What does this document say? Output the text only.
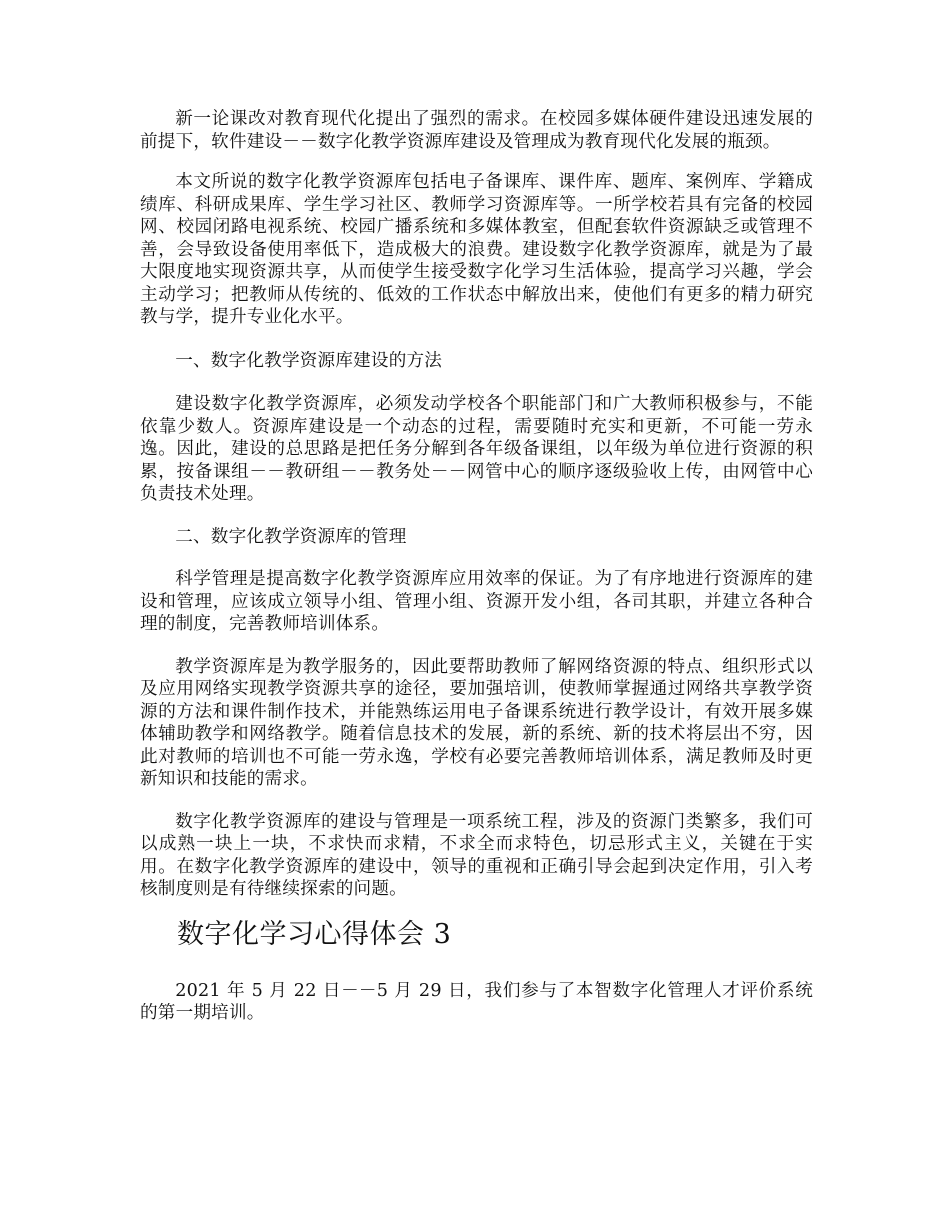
新一论课改对教育现代化提出了强烈的需求。在校园多媒体硬件建设迅速发展的前提下，软件建设－－数字化教学资源库建设及管理成为教育现代化发展的瓶颈。

本文所说的数字化教学资源库包括电子备课库、课件库、题库、案例库、学籍成绩库、科研成果库、学生学习社区、教师学习资源库等。一所学校若具有完备的校园网、校园闭路电视系统、校园广播系统和多媒体教室，但配套软件资源缺乏或管理不善，会导致设备使用率低下，造成极大的浪费。建设数字化教学资源库，就是为了最大限度地实现资源共享，从而使学生接受数字化学习生活体验，提高学习兴趣，学会主动学习；把教师从传统的、低效的工作状态中解放出来，使他们有更多的精力研究教与学，提升专业化水平。

一、数字化教学资源库建设的方法

建设数字化教学资源库，必须发动学校各个职能部门和广大教师积极参与，不能依靠少数人。资源库建设是一个动态的过程，需要随时充实和更新，不可能一劳永逸。因此，建设的总思路是把任务分解到各年级备课组，以年级为单位进行资源的积累，按备课组－－教研组－－教务处－－网管中心的顺序逐级验收上传，由网管中心负责技术处理。

二、数字化教学资源库的管理

科学管理是提高数字化教学资源库应用效率的保证。为了有序地进行资源库的建设和管理，应该成立领导小组、管理小组、资源开发小组，各司其职，并建立各种合理的制度，完善教师培训体系。

教学资源库是为教学服务的，因此要帮助教师了解网络资源的特点、组织形式以及应用网络实现教学资源共享的途径，要加强培训，使教师掌握通过网络共享教学资源的方法和课件制作技术，并能熟练运用电子备课系统进行教学设计，有效开展多媒体辅助教学和网络教学。随着信息技术的发展，新的系统、新的技术将层出不穷，因此对教师的培训也不可能一劳永逸，学校有必要完善教师培训体系，满足教师及时更新知识和技能的需求。

数字化教学资源库的建设与管理是一项系统工程，涉及的资源门类繁多，我们可以成熟一块上一块，不求快而求精，不求全而求特色，切忌形式主义，关键在于实用。在数字化教学资源库的建设中，领导的重视和正确引导会起到决定作用，引入考核制度则是有待继续探索的问题。

数字化学习心得体会 3

2021 年 5 月 22 日－－5 月 29 日，我们参与了本智数字化管理人才评价系统的第一期培训。
